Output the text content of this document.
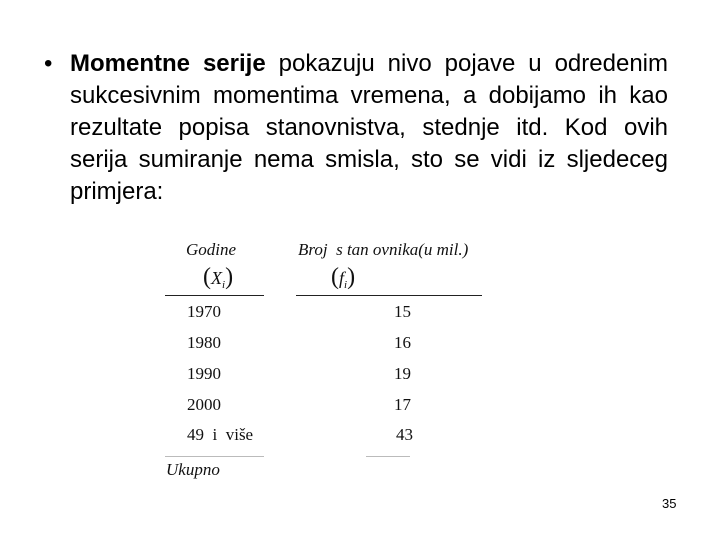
• Momentne serije pokazuju nivo pojave u odredenim sukcesivnim momentima vremena, a dobijamo ih kao rezultate popisa stanovnistva, stednje itd. Kod ovih serija sumiranje nema smisla, sto se vidi iz sljedeceg primjera:
Godine	Broj  s tan ovnika(u mil.)
$(X_i)$	$(f_i)$
1970	15
1980	16
1990	19
2000	17
49  i  više	43
Ukupno
35
